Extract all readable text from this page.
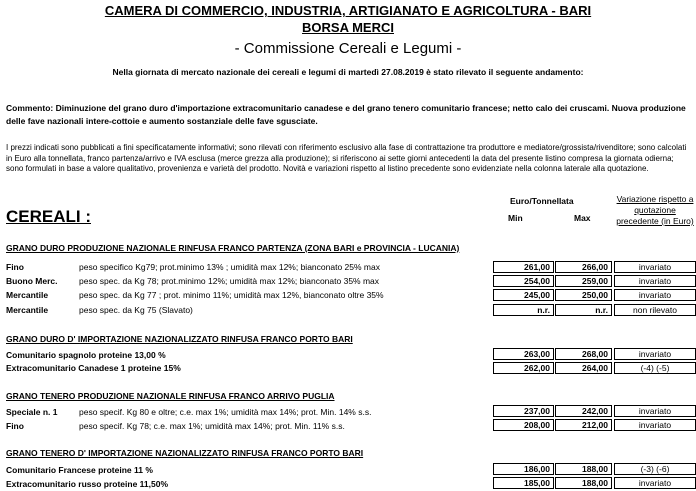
CAMERA DI COMMERCIO, INDUSTRIA, ARTIGIANATO E AGRICOLTURA - BARI
BORSA MERCI
- Commissione Cereali e Legumi -
Nella giornata di mercato nazionale dei cereali e legumi di martedì 27.08.2019 è stato rilevato il seguente andamento:
Commento: Diminuzione del grano duro d'importazione extracomunitario canadese e del grano tenero comunitario francese; netto calo dei cruscami. Nuova produzione delle fave nazionali intere-cottoie e aumento sostanziale delle fave sgusciate.
I prezzi indicati sono pubblicati a fini specificatamente informativi; sono rilevati con riferimento esclusivo alla fase di contrattazione tra produttore e mediatore/grossista/rivenditore; sono calcolati in Euro alla tonnellata, franco partenza/arrivo e IVA esclusa (merce grezza alla produzione); si riferiscono ai sette giorni antecedenti la data del presente listino compresa la giornata odierna; sono formulati in base a valore qualitativo, provenienza e varietà del prodotto. Novità e variazioni rispetto al listino precedente sono evidenziate nella colonna laterale alla quotazione.
CEREALI :
Euro/Tonnellata
Min	Max
Variazione rispetto a quotazione precedente (in Euro)
GRANO DURO PRODUZIONE NAZIONALE RINFUSA FRANCO PARTENZA (ZONA BARI e PROVINCIA - LUCANIA)
Fino	peso specifico Kg79; prot.minimo 13% ; umidità max 12%; bianconato 25% max	261,00	266,00	invariato
Buono Merc.	peso spec. da Kg 78; prot.minimo 12%; umidità max 12%; bianconato 35% max	254,00	259,00	invariato
Mercantile	peso spec. da Kg 77 ; prot. minimo 11%; umidità max 12%, bianconato oltre 35%	245,00	250,00	invariato
Mercantile	peso spec. da Kg 75 (Slavato)	n.r.	n.r.	non rilevato
GRANO DURO D' IMPORTAZIONE NAZIONALIZZATO RINFUSA FRANCO PORTO BARI
Comunitario spagnolo proteine 13,00 %	263,00	268,00	invariato
Extracomunitario Canadese 1 proteine 15%	262,00	264,00	(-4) (-5)
GRANO TENERO PRODUZIONE NAZIONALE RINFUSA FRANCO ARRIVO PUGLIA
Speciale n. 1	peso specif. Kg 80 e oltre; c.e. max 1%; umidità max 14%; prot. Min. 14% s.s.	237,00	242,00	invariato
Fino	peso specif. Kg 78; c.e. max 1%; umidità max 14%; prot. Min. 11% s.s.	208,00	212,00	invariato
GRANO TENERO D' IMPORTAZIONE NAZIONALIZZATO RINFUSA FRANCO PORTO BARI
Comunitario Francese proteine 11 %	186,00	188,00	(-3) (-6)
Extracomunitario russo proteine 11,50%	185,00	188,00	invariato
